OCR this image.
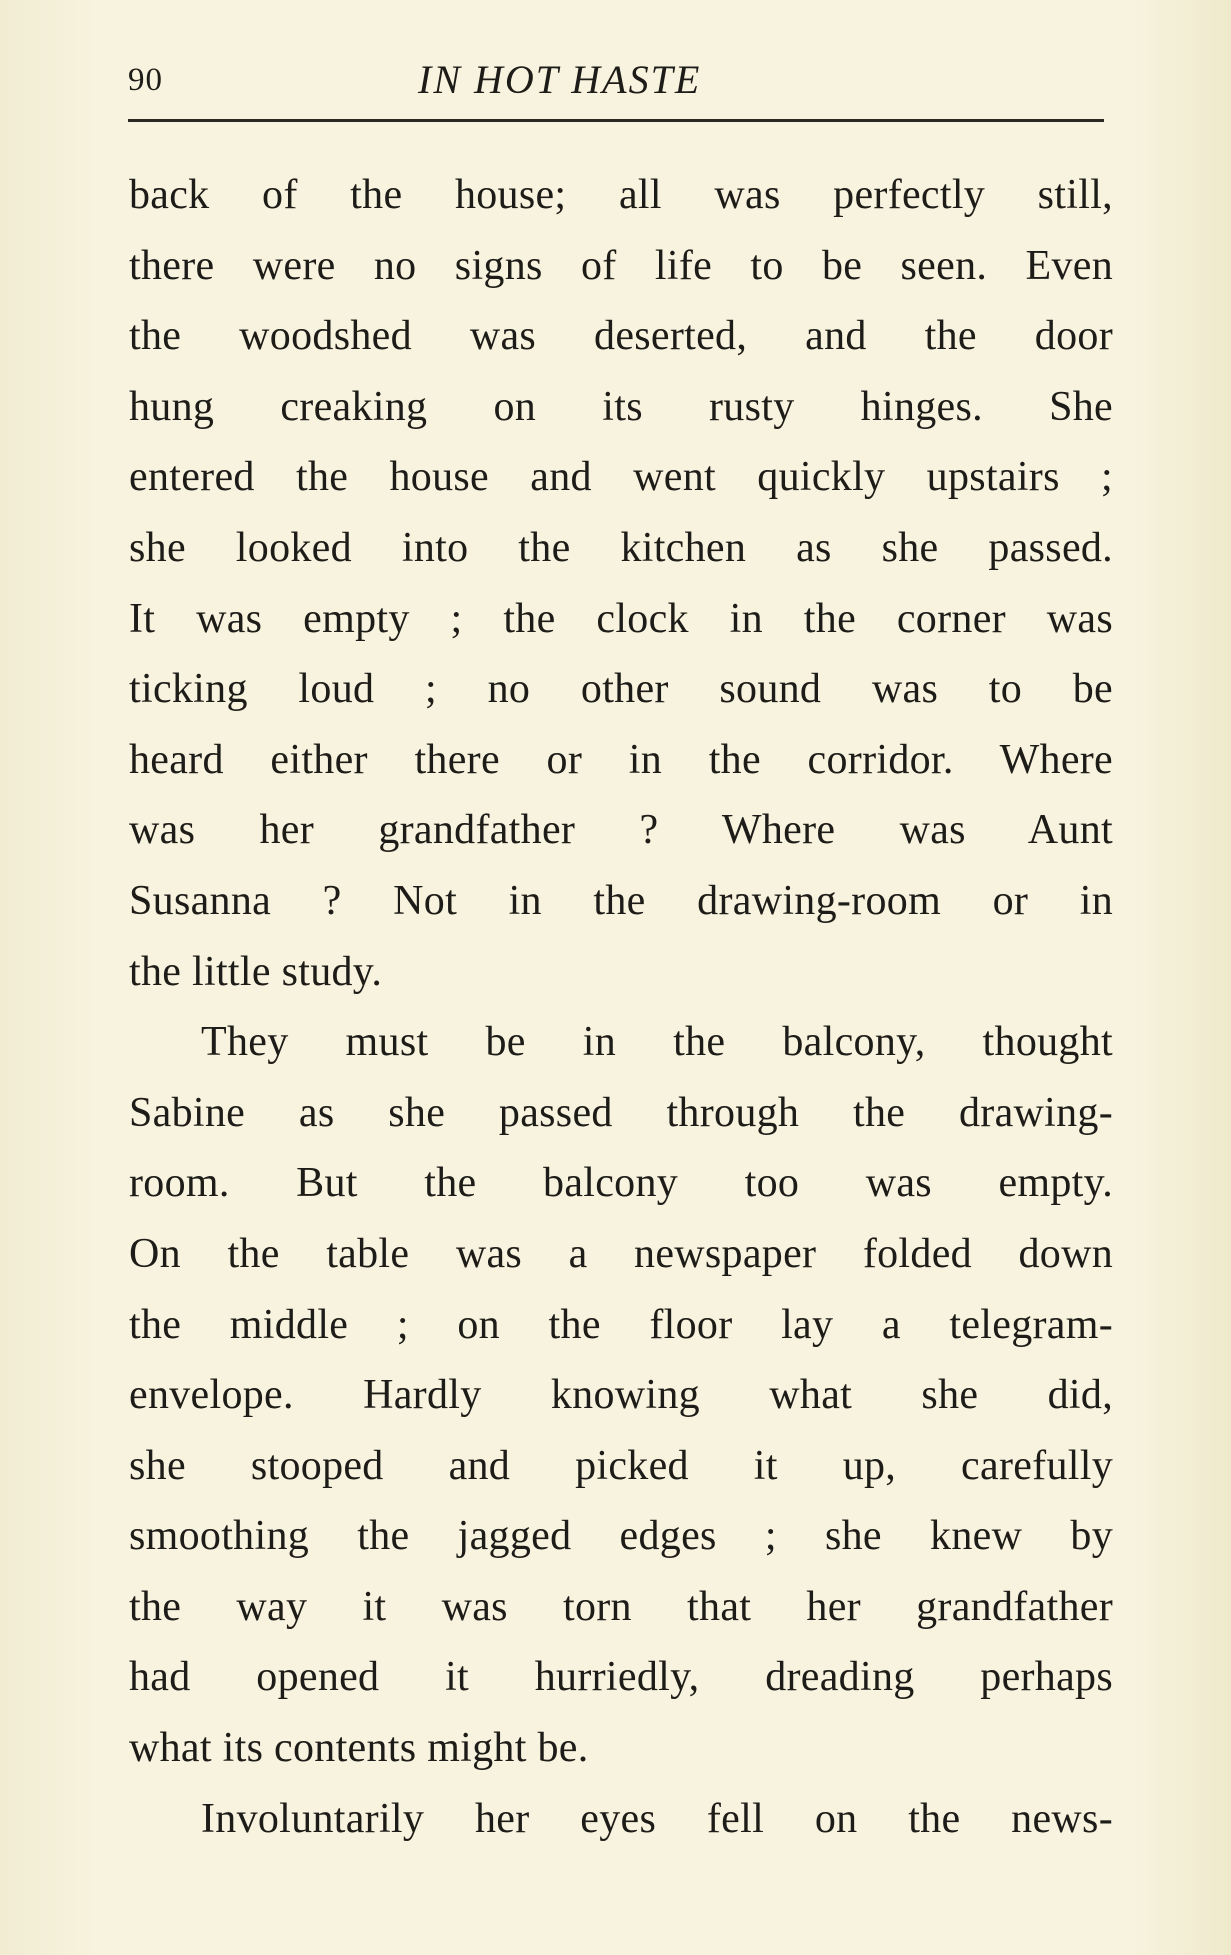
90	IN HOT HASTE
back of the house; all was perfectly still,
there were no signs of life to be seen. Even
the woodshed was deserted, and the door
hung creaking on its rusty hinges. She
entered the house and went quickly upstairs ;
she looked into the kitchen as she passed.
It was empty ; the clock in the corner was
ticking loud ; no other sound was to be
heard either there or in the corridor. Where
was her grandfather ? Where was Aunt
Susanna ? Not in the drawing-room or in
the little study.
They must be in the balcony, thought
Sabine as she passed through the drawing-
room. But the balcony too was empty.
On the table was a newspaper folded down
the middle ; on the floor lay a telegram-
envelope. Hardly knowing what she did,
she stooped and picked it up, carefully
smoothing the jagged edges ; she knew by
the way it was torn that her grandfather
had opened it hurriedly, dreading perhaps
what its contents might be.
Involuntarily her eyes fell on the news-
